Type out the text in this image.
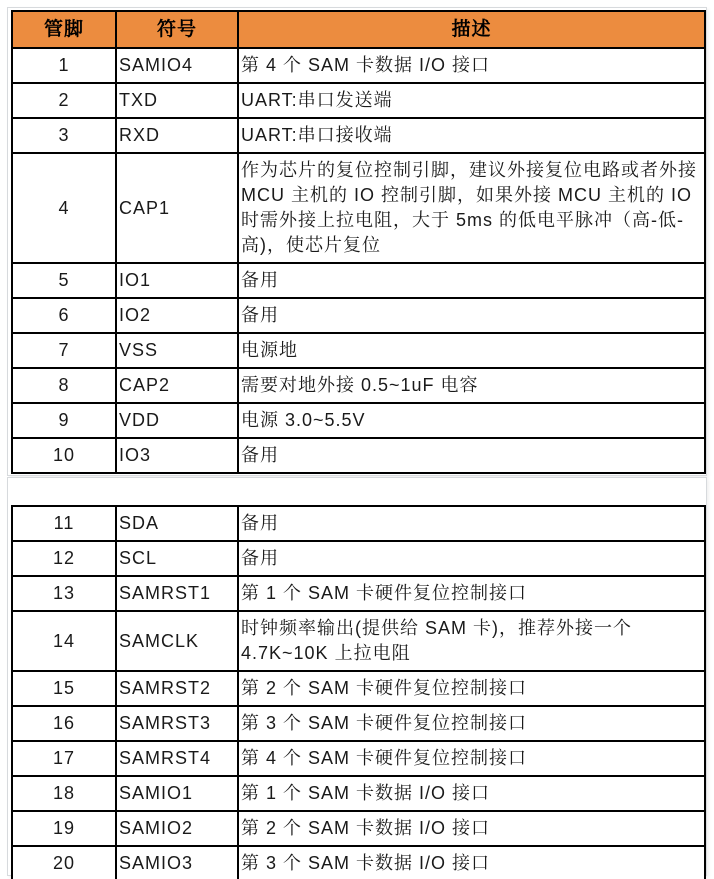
管脚	符号	描述
1	SAMIO4	第 4 个 SAM 卡数据 I/O 接口
2	TXD	UART:串口发送端
3	RXD	UART:串口接收端
4	CAP1	作为芯片的复位控制引脚，建议外接复位电路或者外接 MCU 主机的 IO 控制引脚，如果外接 MCU 主机的 IO 时需外接上拉电阻，大于 5ms 的低电平脉冲（高-低-高)，使芯片复位
5	IO1	备用
6	IO2	备用
7	VSS	电源地
8	CAP2	需要对地外接 0.5~1uF 电容
9	VDD	电源 3.0~5.5V
10	IO3	备用
11	SDA	备用
12	SCL	备用
13	SAMRST1	第 1 个 SAM 卡硬件复位控制接口
14	SAMCLK	时钟频率输出(提供给 SAM 卡)，推荐外接一个 4.7K~10K 上拉电阻
15	SAMRST2	第 2 个 SAM 卡硬件复位控制接口
16	SAMRST3	第 3 个 SAM 卡硬件复位控制接口
17	SAMRST4	第 4 个 SAM 卡硬件复位控制接口
18	SAMIO1	第 1 个 SAM 卡数据 I/O 接口
19	SAMIO2	第 2 个 SAM 卡数据 I/O 接口
20	SAMIO3	第 3 个 SAM 卡数据 I/O 接口
